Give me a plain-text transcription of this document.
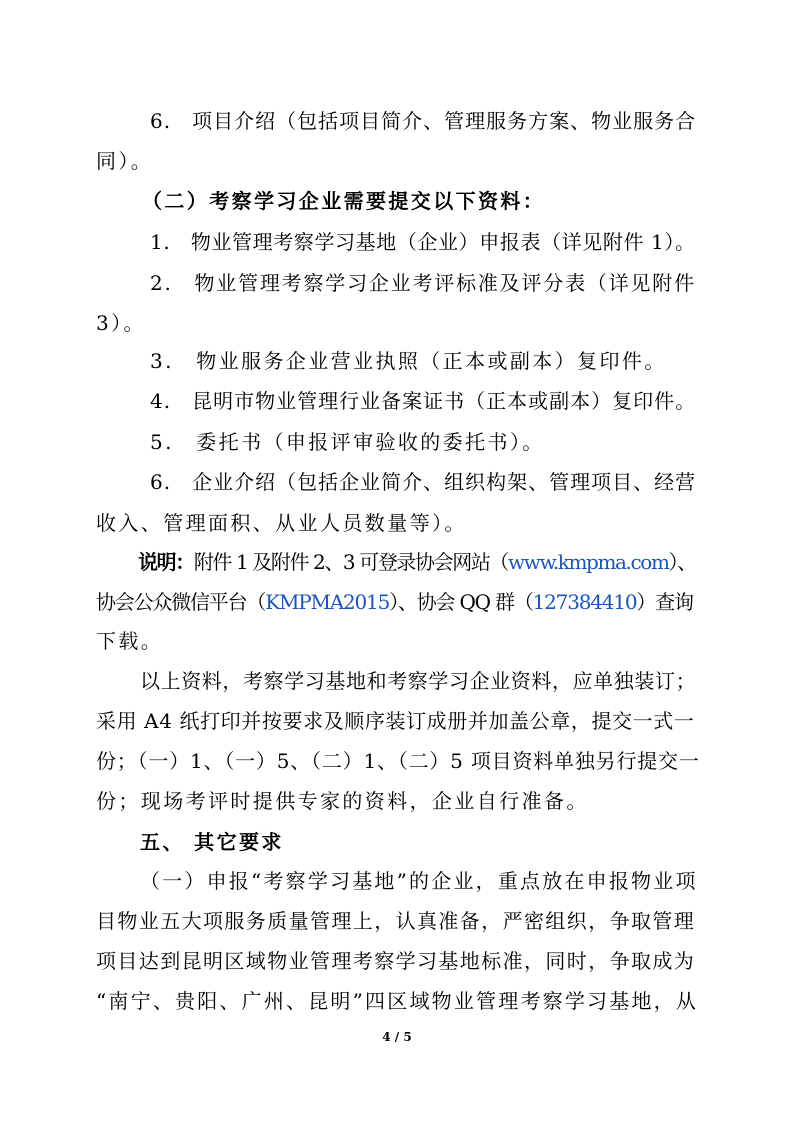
6.　项目介绍（包括项目简介、管理服务方案、物业服务合
同）。
（二）考察学习企业需要提交以下资料：
1.　物业管理考察学习基地（企业）申报表（详见附件 1）。
2.　物业管理考察学习企业考评标准及评分表（详见附件
3）。
3.　物业服务企业营业执照（正本或副本）复印件。
4.　昆明市物业管理行业备案证书（正本或副本）复印件。
5.　委托书（申报评审验收的委托书）。
6.　企业介绍（包括企业简介、组织构架、管理项目、经营
收入、管理面积、从业人员数量等）。
说明：附件 1 及附件 2、3 可登录协会网站（www.kmpma.com）、
协会公众微信平台（KMPMA2015）、协会 QQ 群（127384410）查询
下载。
以上资料，考察学习基地和考察学习企业资料，应单独装订；
采用 A4 纸打印并按要求及顺序装订成册并加盖公章，提交一式一
份；（一）1、（一）5、（二）1、（二）5 项目资料单独另行提交一
份；现场考评时提供专家的资料，企业自行准备。
五、 其它要求
（一）申报“考察学习基地”的企业，重点放在申报物业项
目物业五大项服务质量管理上，认真准备，严密组织，争取管理
项目达到昆明区域物业管理考察学习基地标准，同时，争取成为
“南宁、贵阳、广州、昆明”四区域物业管理考察学习基地，从
4 / 5
